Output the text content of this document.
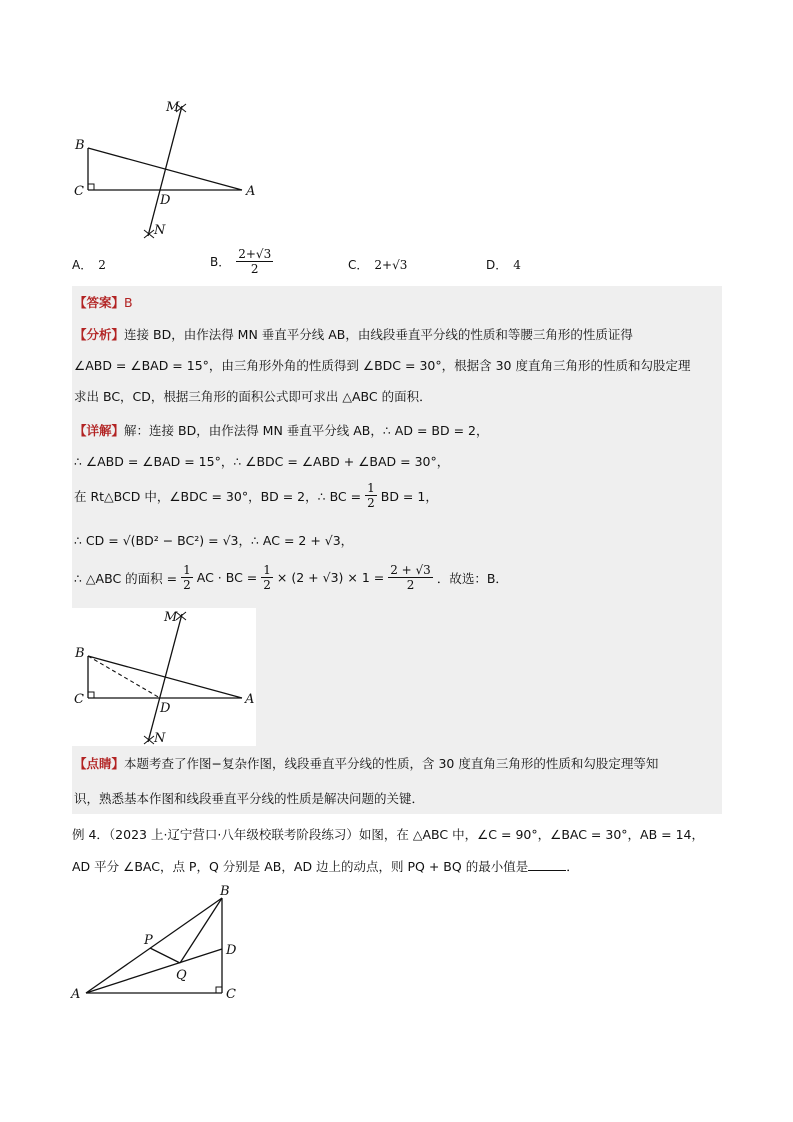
M
N
B
C
D
A
A． 2	B． $\frac{2+√3}{2}$	C． 2+√3	D． 4
【答案】B
【分析】连接 BD，由作法得 MN 垂直平分线 AB，由线段垂直平分线的性质和等腰三角形的性质证得
∠ABD = ∠BAD = 15°，由三角形外角的性质得到 ∠BDC = 30°，根据含 30 度直角三角形的性质和勾股定理
求出 BC，CD，根据三角形的面积公式即可求出 △ABC 的面积．
【详解】解：连接 BD，由作法得 MN 垂直平分线 AB，∴ AD = BD = 2，
∴ ∠ABD = ∠BAD = 15°，∴ ∠BDC = ∠ABD + ∠BAD = 30°，
在 Rt△BCD 中，∠BDC = 30°，BD = 2，∴ BC = $\frac{1}{2}$ BD = 1，
∴ CD = √(BD² − BC²) = √3，∴ AC = 2 + √3，
∴ △ABC 的面积 = $\frac{1}{2}$ AC · BC = $\frac{1}{2} \times (2 + √3) \times 1 = \frac{2 + √3}{2}$ ．故选：B．
M
N
B
C
D
A
【点睛】本题考查了作图−复杂作图，线段垂直平分线的性质，含 30 度直角三角形的性质和勾股定理等知
识，熟悉基本作图和线段垂直平分线的性质是解决问题的关键．
例 4．（2023 上·辽宁营口·八年级校联考阶段练习）如图，在 △ABC 中，∠C = 90°，∠BAC = 30°，AB = 14，
AD 平分 ∠BAC，点 P，Q 分别是 AB，AD 边上的动点，则 PQ + BQ 的最小值是	．
B
P
D
Q
A	C
